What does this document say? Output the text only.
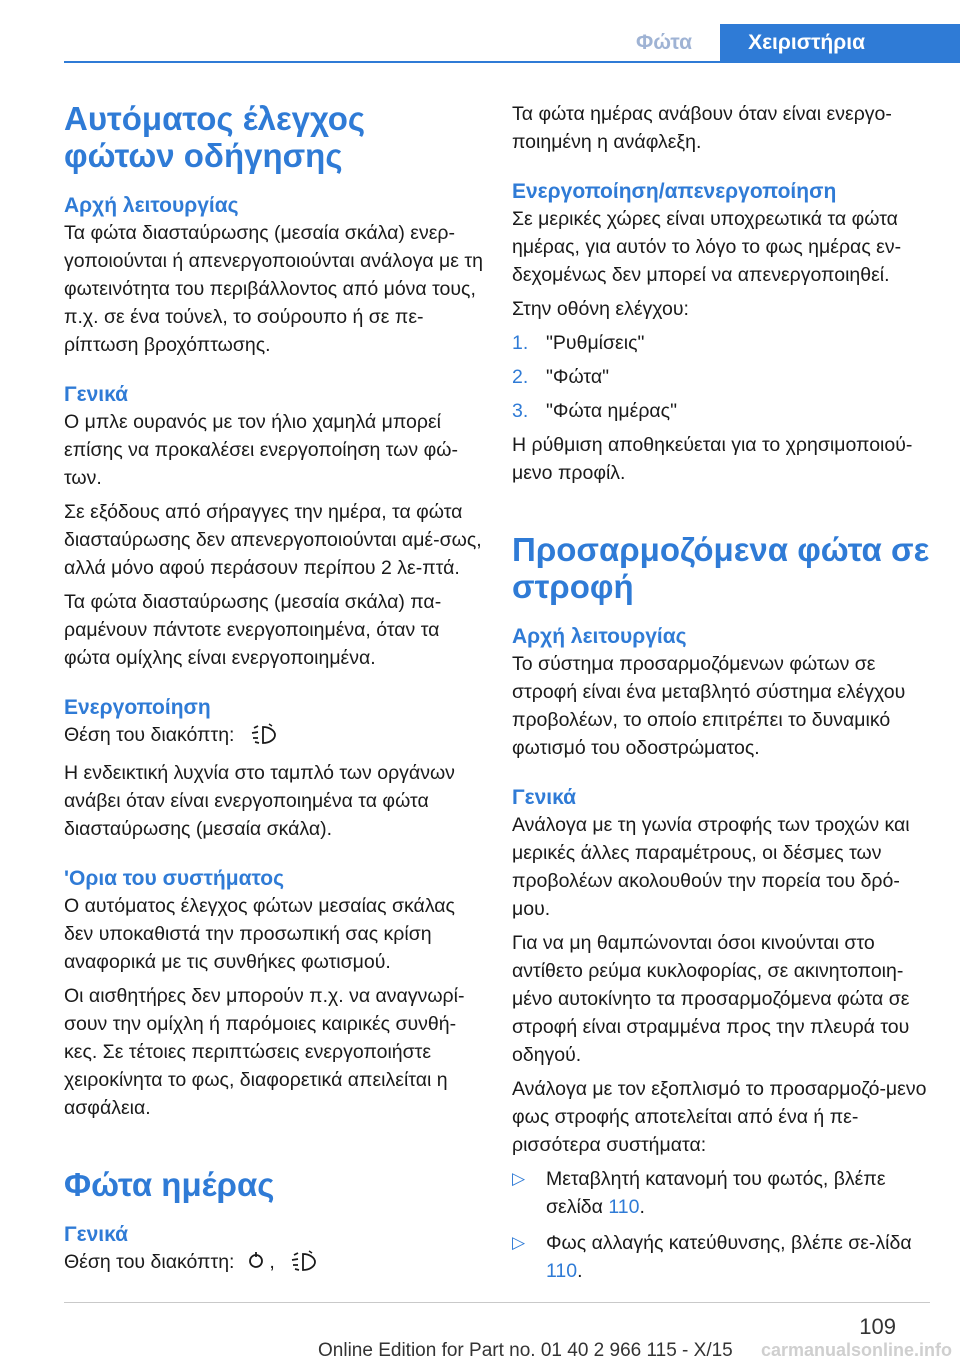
Φώτα	Χειριστήρια
Αυτόματος έλεγχος φώτων οδήγησης
Αρχή λειτουργίας

Τα φώτα διασταύρωσης (μεσαία σκάλα) ενερ‐γοποιούνται ή απενεργοποιούνται ανάλογα με τη φωτεινότητα του περιβάλλοντος από μόνα τους, π.χ. σε ένα τούνελ, το σούρουπο ή σε πε‐ρίπτωση βροχόπτωσης.

Γενικά

Ο μπλε ουρανός με τον ήλιο χαμηλά μπορεί επίσης να προκαλέσει ενεργοποίηση των φώ‐των.

Σε εξόδους από σήραγγες την ημέρα, τα φώτα διασταύρωσης δεν απενεργοποιούνται αμέ‐σως, αλλά μόνο αφού περάσουν περίπου 2 λε‐πτά.

Τα φώτα διασταύρωσης (μεσαία σκάλα) πα‐ραμένουν πάντοτε ενεργοποιημένα, όταν τα φώτα ομίχλης είναι ενεργοποιημένα.

Ενεργοποίηση

Θέση του διακόπτη:

Η ενδεικτική λυχνία στο ταμπλό των οργάνων ανάβει όταν είναι ενεργοποιημένα τα φώτα διασταύρωσης (μεσαία σκάλα).

'Ορια του συστήματος

Ο αυτόματος έλεγχος φώτων μεσαίας σκάλας δεν υποκαθιστά την προσωπική σας κρίση αναφορικά με τις συνθήκες φωτισμού.

Οι αισθητήρες δεν μπορούν π.χ. να αναγνωρί‐σουν την ομίχλη ή παρόμοιες καιρικές συνθή‐κες. Σε τέτοιες περιπτώσεις ενεργοποιήστε χειροκίνητα το φως, διαφορετικά απειλείται η ασφάλεια.

Φώτα ημέρας
Γενικά

Θέση του διακόπτη: ,

Τα φώτα ημέρας ανάβουν όταν είναι ενεργο‐ποιημένη η ανάφλεξη.

Ενεργοποίηση/απενεργοποίηση

Σε μερικές χώρες είναι υποχρεωτικά τα φώτα ημέρας, για αυτόν το λόγο το φως ημέρας εν‐δεχομένως δεν μπορεί να απενεργοποιηθεί.

Στην οθόνη ελέγχου:

1. "Ρυθμίσεις"
2. "Φώτα"
3. "Φώτα ημέρας"

Η ρύθμιση αποθηκεύεται για το χρησιμοποιού‐μενο προφίλ.

Προσαρμοζόμενα φώτα σε στροφή
Αρχή λειτουργίας

Το σύστημα προσαρμοζόμενων φώτων σε στροφή είναι ένα μεταβλητό σύστημα ελέγχου προβολέων, το οποίο επιτρέπει το δυναμικό φωτισμό του οδοστρώματος.

Γενικά

Ανάλογα με τη γωνία στροφής των τροχών και μερικές άλλες παραμέτρους, οι δέσμες των προβολέων ακολουθούν την πορεία του δρό‐μου.

Για να μη θαμπώνονται όσοι κινούνται στο αντίθετο ρεύμα κυκλοφορίας, σε ακινητοποιη‐μένο αυτοκίνητο τα προσαρμοζόμενα φώτα σε στροφή είναι στραμμένα προς την πλευρά του οδηγού.

Ανάλογα με τον εξοπλισμό το προσαρμοζό‐μενο φως στροφής αποτελείται από ένα ή πε‐ρισσότερα συστήματα:

▷ Μεταβλητή κατανομή του φωτός, βλέπε σελίδα 110.
▷ Φως αλλαγής κατεύθυνσης, βλέπε σε‐λίδα 110.
109
Online Edition for Part no. 01 40 2 966 115 - X/15 carmanualsonline.info
